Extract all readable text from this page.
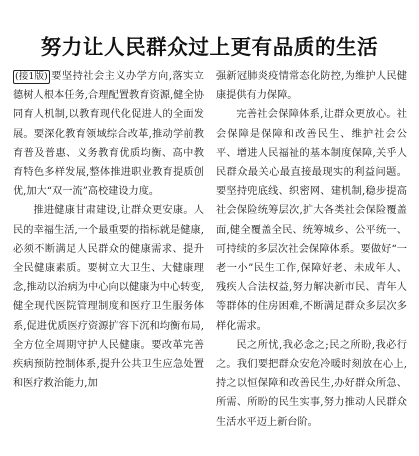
努力让人民群众过上更有品质的生活

(接1版) 要坚持社会主义办学方向,落实立德树人根本任务,合理配置教育资源,健全协同育人机制,以教育现代化促进人的全面发展。要深化教育领域综合改革,推动学前教育普及普惠、义务教育优质均衡、高中教育特色多样发展,整体推进职业教育提质创优,加大“双一流”高校建设力度。

推进健康甘肃建设,让群众更安康。人民的幸福生活,一个最重要的指标就是健康,必须不断满足人民群众的健康需求、提升全民健康素质。要树立大卫生、大健康理念,推动以治病为中心向以健康为中心转变,健全现代医院管理制度和医疗卫生服务体系,促进优质医疗资源扩容下沉和均衡布局,全方位全周期守护人民健康。要改革完善疾病预防控制体系,提升公共卫生应急处置和医疗救治能力,加

强新冠肺炎疫情常态化防控,为维护人民健康提供有力保障。

完善社会保障体系,让群众更放心。社会保障是保障和改善民生、维护社会公平、增进人民福祉的基本制度保障,关乎人民群众最关心最直接最现实的利益问题。要坚持兜底线、织密网、建机制,稳步提高社会保险统筹层次,扩大各类社会保险覆盖面,健全覆盖全民、统筹城乡、公平统一、可持续的多层次社会保障体系。要做好“一老一小”民生工作,保障好老、未成年人、残疾人合法权益,努力解决新市民、青年人等群体的住房困难,不断满足群众多层次多样化需求。

民之所忧,我必念之;民之所盼,我必行之。我们要把群众安危冷暖时刻放在心上,持之以恒保障和改善民生,办好群众所急、所需、所盼的民生实事,努力推动人民群众生活水平迈上新台阶。
